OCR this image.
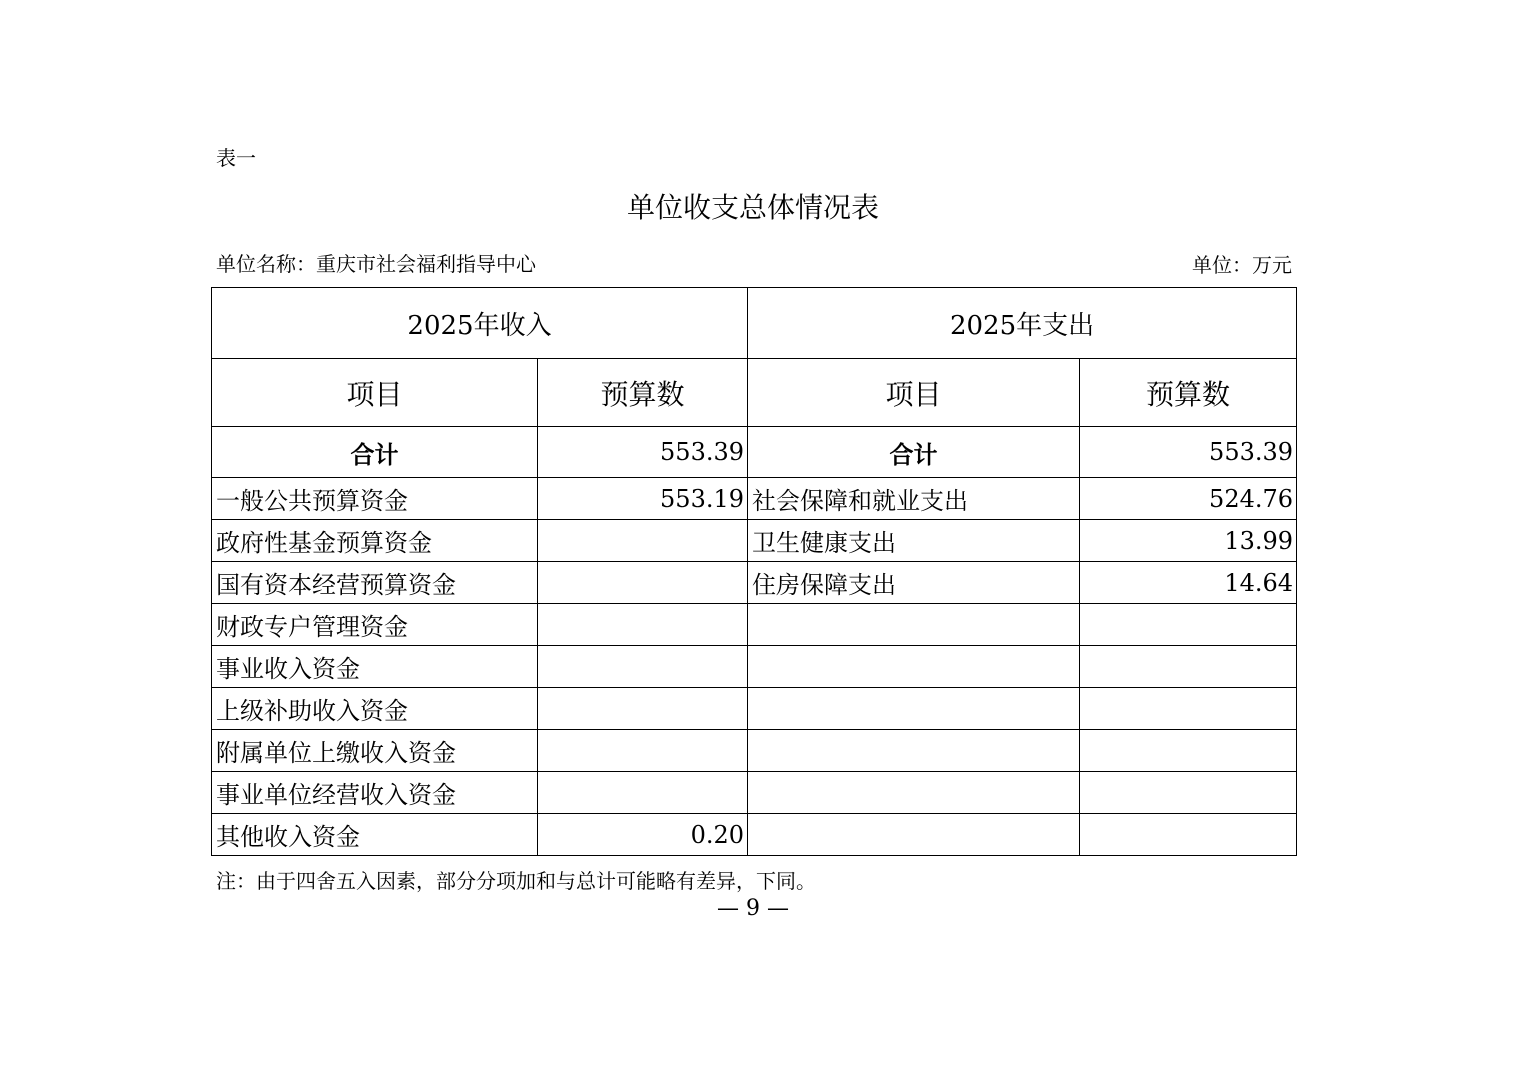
表一
单位收支总体情况表
单位名称：重庆市社会福利指导中心	单位：万元
2025年收入		2025年支出	
项目	预算数	项目	预算数
合计	553.39	合计	553.39
一般公共预算资金	553.19	社会保障和就业支出	524.76
政府性基金预算资金		卫生健康支出	13.99
国有资本经营预算资金		住房保障支出	14.64
财政专户管理资金			
事业收入资金			
上级补助收入资金			
附属单位上缴收入资金			
事业单位经营收入资金			
其他收入资金	0.20		
注：由于四舍五入因素，部分分项加和与总计可能略有差异，下同。
— 9 —
